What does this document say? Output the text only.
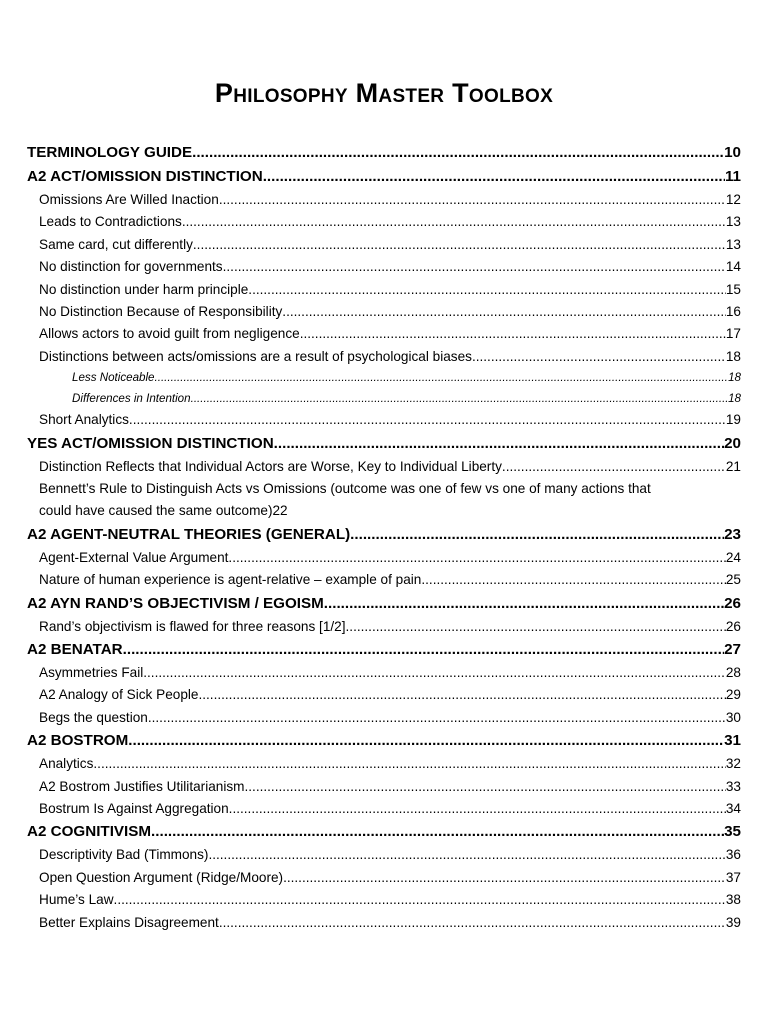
Philosophy Master Toolbox
TERMINOLOGY GUIDE .....	10
A2 ACT/OMISSION DISTINCTION .....	11
Omissions Are Willed Inaction .....	12
Leads to Contradictions .....	13
Same card, cut differently .....	13
No distinction for governments .....	14
No distinction under harm principle .....	15
No Distinction Because of Responsibility .....	16
Allows actors to avoid guilt from negligence .....	17
Distinctions between acts/omissions are a result of psychological biases .....	18
Less Noticeable .....	18
Differences in Intention .....	18
Short Analytics .....	19
YES ACT/OMISSION DISTINCTION .....	20
Distinction Reflects that Individual Actors are Worse, Key to Individual Liberty .....	21
Bennett’s Rule to Distinguish Acts vs Omissions (outcome was one of few vs one of many actions that
could have caused the same outcome) 22
A2 AGENT-NEUTRAL THEORIES (GENERAL) .....	23
Agent-External Value Argument .....	24
Nature of human experience is agent-relative – example of pain .....	25
A2 AYN RAND’S OBJECTIVISM / EGOISM .....	26
Rand’s objectivism is flawed for three reasons [1/2] .....	26
A2 BENATAR .....	27
Asymmetries Fail .....	28
A2 Analogy of Sick People .....	29
Begs the question .....	30
A2 BOSTROM .....	31
Analytics .....	32
A2 Bostrom Justifies Utilitarianism .....	33
Bostrum Is Against Aggregation .....	34
A2 COGNITIVISM .....	35
Descriptivity Bad (Timmons) .....	36
Open Question Argument (Ridge/Moore) .....	37
Hume’s Law .....	38
Better Explains Disagreement .....	39
